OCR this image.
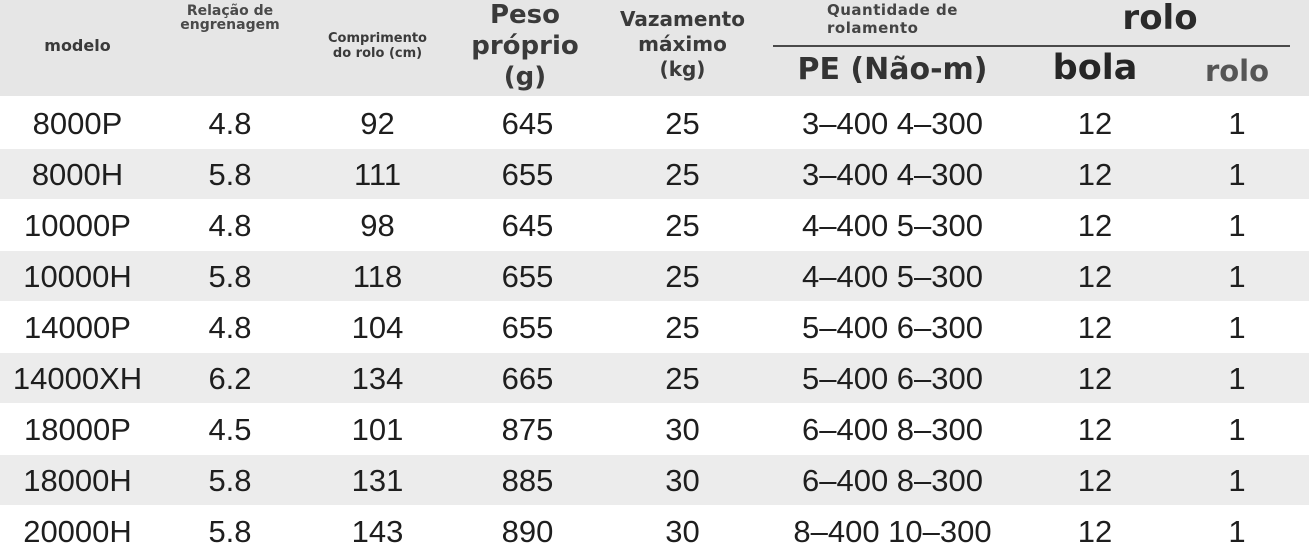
modelo
Relação de
engrenagem
Comprimento
do rolo (cm)
Peso
próprio
(g)
Vazamento
máximo
(kg)
Quantidade de
rolamento
PE (Não-m)
rolo
bola	rolo
8000P	4.8	92	645	25	3–400 4–300	12	1
8000H	5.8	111	655	25	3–400 4–300	12	1
10000P	4.8	98	645	25	4–400 5–300	12	1
10000H	5.8	118	655	25	4–400 5–300	12	1
14000P	4.8	104	655	25	5–400 6–300	12	1
14000XH	6.2	134	665	25	5–400 6–300	12	1
18000P	4.5	101	875	30	6–400 8–300	12	1
18000H	5.8	131	885	30	6–400 8–300	12	1
20000H	5.8	143	890	30	8–400 10–300	12	1
